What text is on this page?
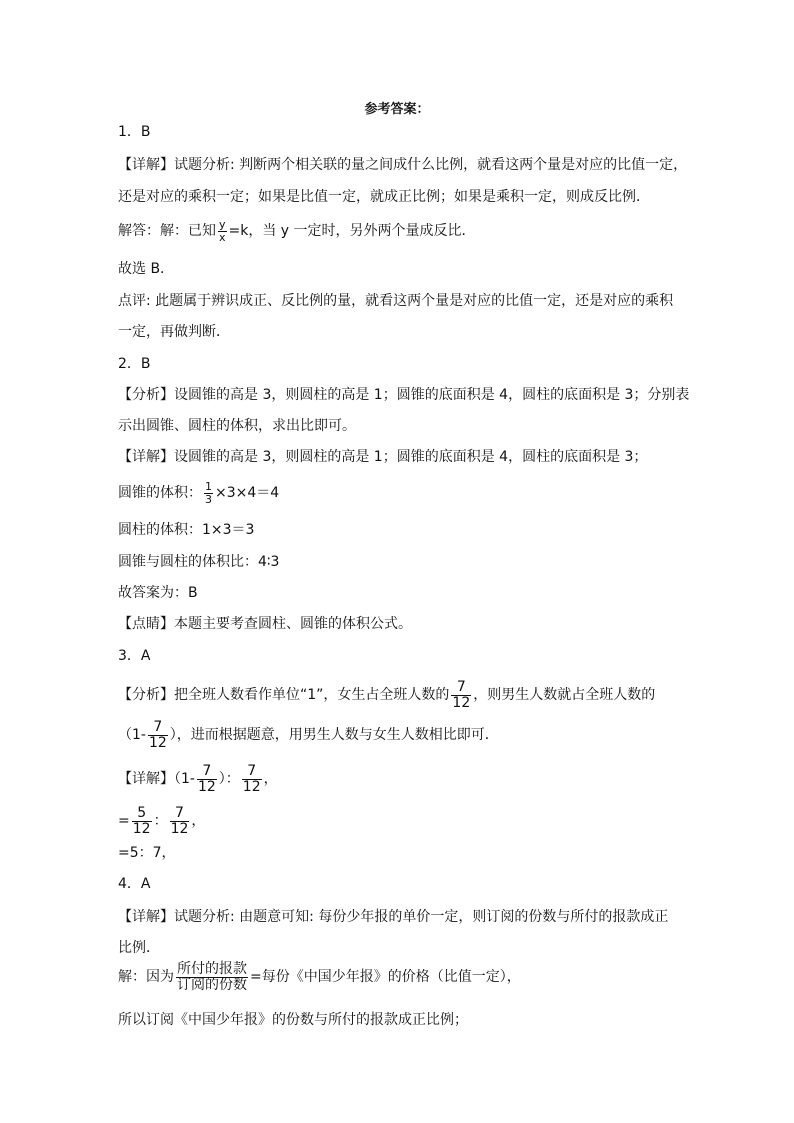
参考答案：
1．B
【详解】试题分析: 判断两个相关联的量之间成什么比例，就看这两个量是对应的比值一定，
还是对应的乘积一定；如果是比值一定，就成正比例；如果是乘积一定，则成反比例．
解答：解：已知 $\frac{y}{x} =k$，当 y 一定时，另外两个量成反比．
故选 B．
点评: 此题属于辨识成正、反比例的量，就看这两个量是对应的比值一定，还是对应的乘积
一定，再做判断．
2．B
【分析】设圆锥的高是 3，则圆柱的高是 1；圆锥的底面积是 4，圆柱的底面积是 3；分别表
示出圆锥、圆柱的体积，求出比即可。
【详解】设圆锥的高是 3，则圆柱的高是 1；圆锥的底面积是 4，圆柱的底面积是 3；
圆锥的体积： $\frac{1}{3} \times 3\times 4=4$
圆柱的体积：1×3＝3
圆锥与圆柱的体积比：4∶3
故答案为：B
【点睛】本题主要考查圆柱、圆锥的体积公式。
3．A
【分析】把全班人数看作单位“1”，女生占全班人数的 $\frac{7}{12}$ ，则男生人数就占全班人数的
（$1- \frac{7}{12}$ ），进而根据题意，用男生人数与女生人数相比即可．
【详解】（$1- \frac{7}{12}$ ）： $\frac{7}{12}$ ，
= $\frac{5}{12}$ ： $\frac{7}{12}$ ，
=5：7，
4．A
【详解】试题分析: 由题意可知: 每份少年报的单价一定，则订阅的份数与所付的报款成正
比例．
解：因为 $\frac{\text{所付的报款}}{\text{订阅的份数}}$ =每份《中国少年报》的价格（比值一定），
所以订阅《中国少年报》的份数与所付的报款成正比例；
